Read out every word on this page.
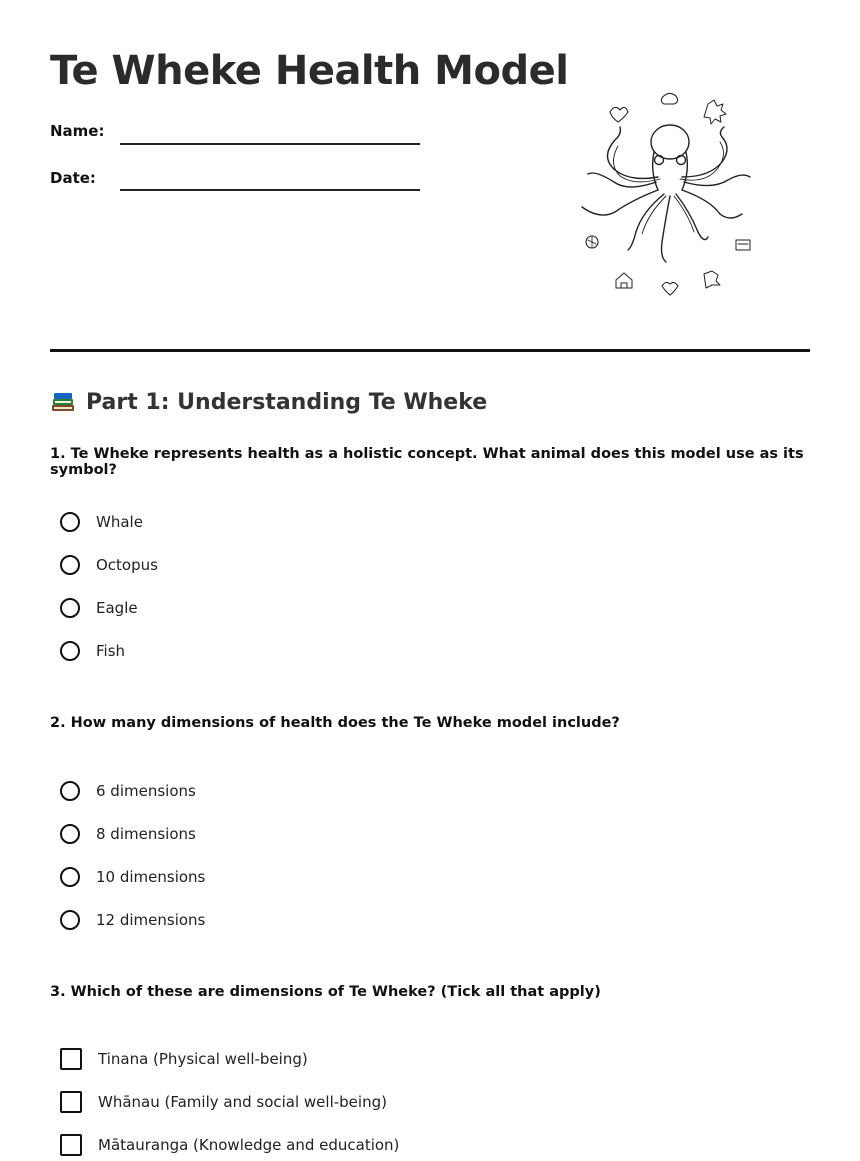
Te Wheke Health Model
Name:
Date:
Part 1: Understanding Te Wheke
1. Te Wheke represents health as a holistic concept. What animal does this model use as its symbol?
Whale
Octopus
Eagle
Fish
2. How many dimensions of health does the Te Wheke model include?
6 dimensions
8 dimensions
10 dimensions
12 dimensions
3. Which of these are dimensions of Te Wheke? (Tick all that apply)
Tinana (Physical well-being)
Whānau (Family and social well-being)
Mātauranga (Knowledge and education)
